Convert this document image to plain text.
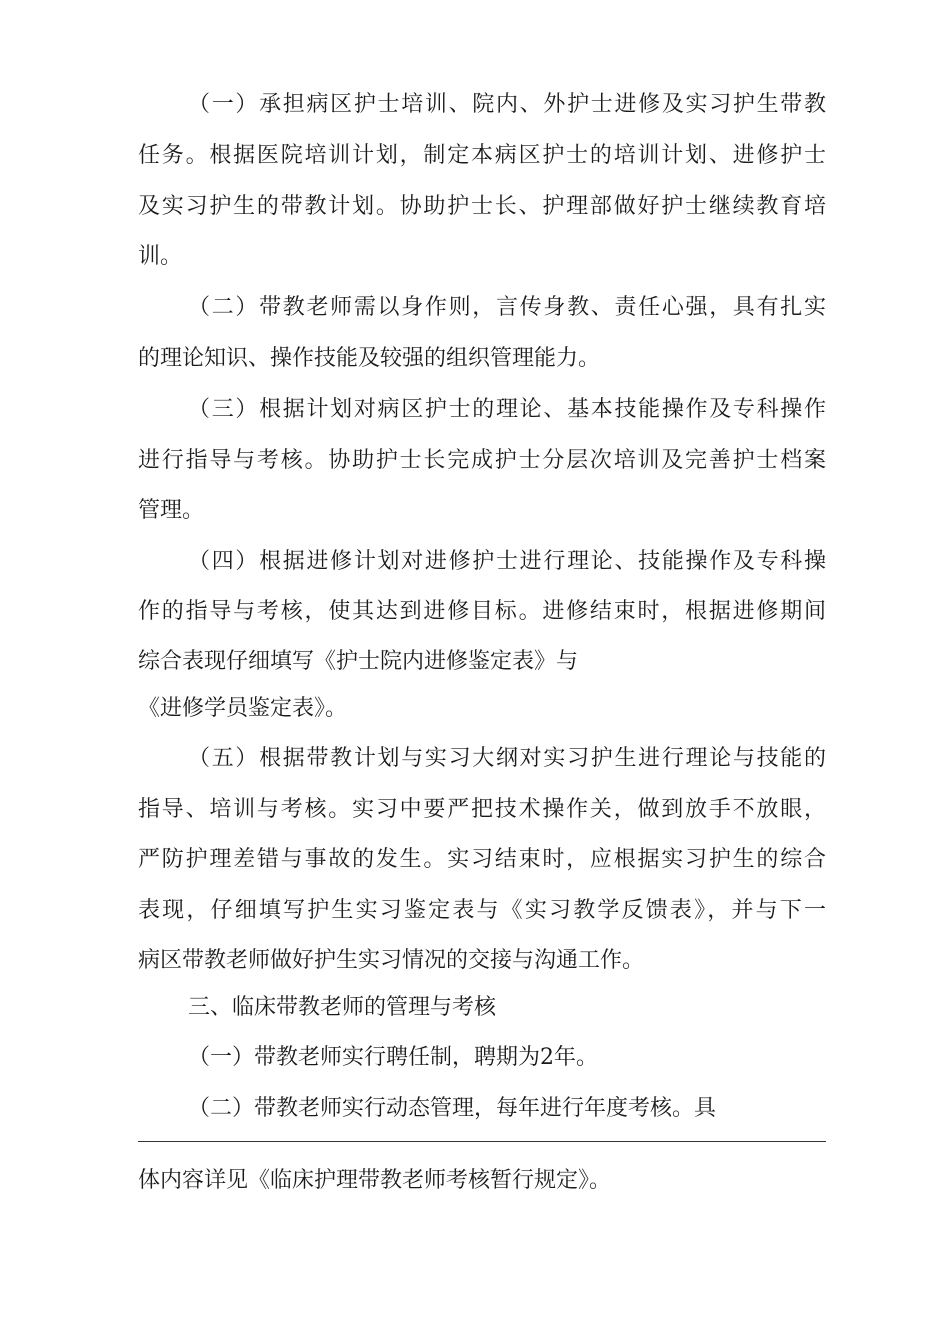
（一）承担病区护士培训、院内、外护士进修及实习护生带教
任务。根据医院培训计划，制定本病区护士的培训计划、进修护士
及实习护生的带教计划。协助护士长、护理部做好护士继续教育培
训。
（二）带教老师需以身作则，言传身教、责任心强，具有扎实
的理论知识、操作技能及较强的组织管理能力。
（三）根据计划对病区护士的理论、基本技能操作及专科操作
进行指导与考核。协助护士长完成护士分层次培训及完善护士档案
管理。
（四）根据进修计划对进修护士进行理论、技能操作及专科操
作的指导与考核，使其达到进修目标。进修结束时，根据进修期间
综合表现仔细填写《护士院内进修鉴定表》与
《进修学员鉴定表》。
（五）根据带教计划与实习大纲对实习护生进行理论与技能的
指导、培训与考核。实习中要严把技术操作关，做到放手不放眼，
严防护理差错与事故的发生。实习结束时，应根据实习护生的综合
表现，仔细填写护生实习鉴定表与《实习教学反馈表》，并与下一
病区带教老师做好护生实习情况的交接与沟通工作。
三、临床带教老师的管理与考核
（一）带教老师实行聘任制，聘期为2年。
（二）带教老师实行动态管理，每年进行年度考核。具
体内容详见《临床护理带教老师考核暂行规定》。
